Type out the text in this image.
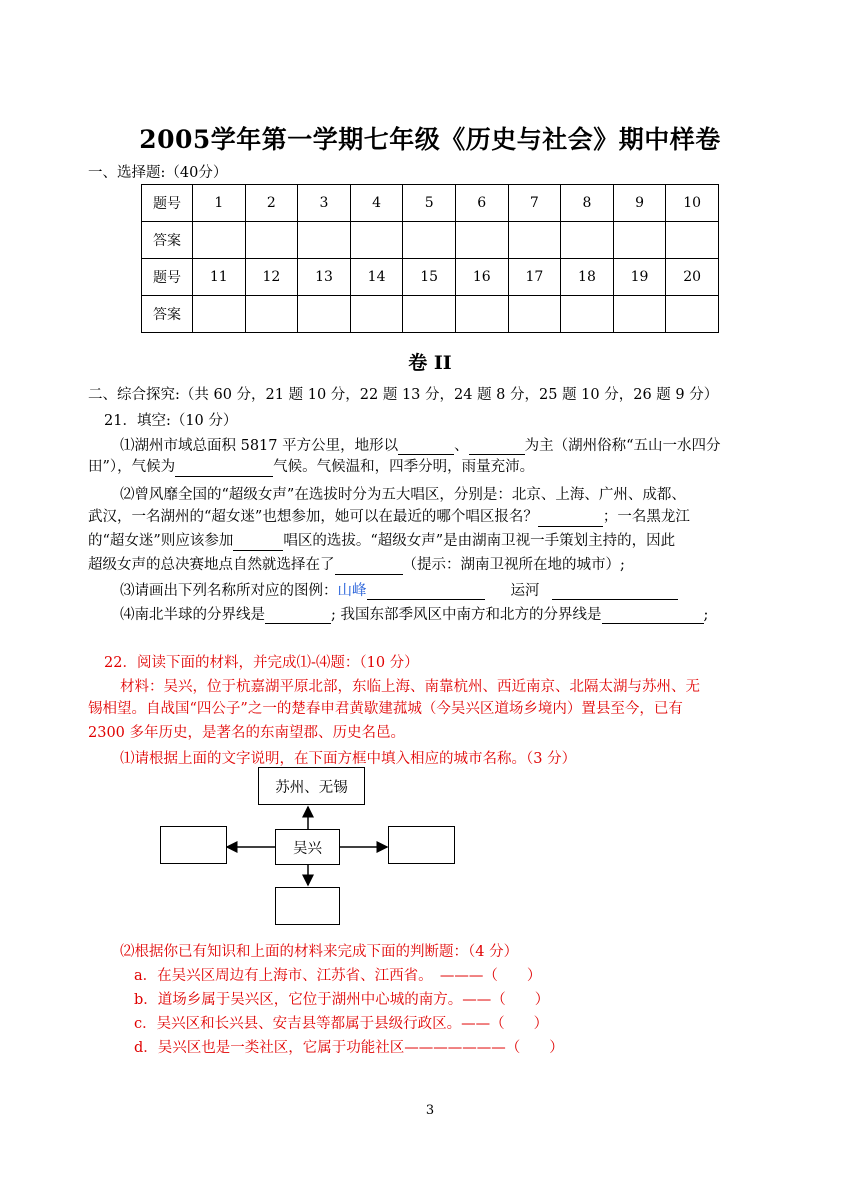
2005学年第一学期七年级《历史与社会》期中样卷
一、选择题:（40分）
题号	1	2	3	4	5	6	7	8	9	10
答案										
题号	11	12	13	14	15	16	17	18	19	20
答案										
卷 II
二、综合探究:（共 60 分，21 题 10 分，22 题 13 分，24 题 8 分，25 题 10 分，26 题 9 分）
21．填空:（10 分）
⑴湖州市域总面积 5817 平方公里，地形以	、	为主（湖州俗称“五山一水四分
田”），气候为	气候。气候温和，四季分明，雨量充沛。
⑵曾风靡全国的“超级女声”在选拔时分为五大唱区，分别是：北京、上海、广州、成都、
武汉，一名湖州的“超女迷”也想参加，她可以在最近的哪个唱区报名？	；一名黑龙江
的“超女迷”则应该参加	唱区的选拔。“超级女声”是由湖南卫视一手策划主持的，因此
超级女声的总决赛地点自然就选择在了	（提示：湖南卫视所在地的城市）;
⑶请画出下列名称所对应的图例：山峰	运河
⑷南北半球的分界线是	; 我国东部季风区中南方和北方的分界线是	;
22．阅读下面的材料，并完成⑴-⑷题：（10 分）
材料：吴兴，位于杭嘉湖平原北部，东临上海、南靠杭州、西近南京、北隔太湖与苏州、无
锡相望。自战国“四公子”之一的楚春申君黄歇建菰城（今吴兴区道场乡境内）置县至今，已有
2300 多年历史，是著名的东南望郡、历史名邑。
⑴请根据上面的文字说明，在下面方框中填入相应的城市名称。（3 分）
苏州、无锡
吴兴
⑵根据你已有知识和上面的材料来完成下面的判断题：（4 分）
a．在吴兴区周边有上海市、江苏省、江西省。　———（　　）
b．道场乡属于吴兴区，它位于湖州中心城的南方。——（　　）
c．吴兴区和长兴县、安吉县等都属于县级行政区。——（　　）
d．吴兴区也是一类社区，它属于功能社区———————（　　）
3
